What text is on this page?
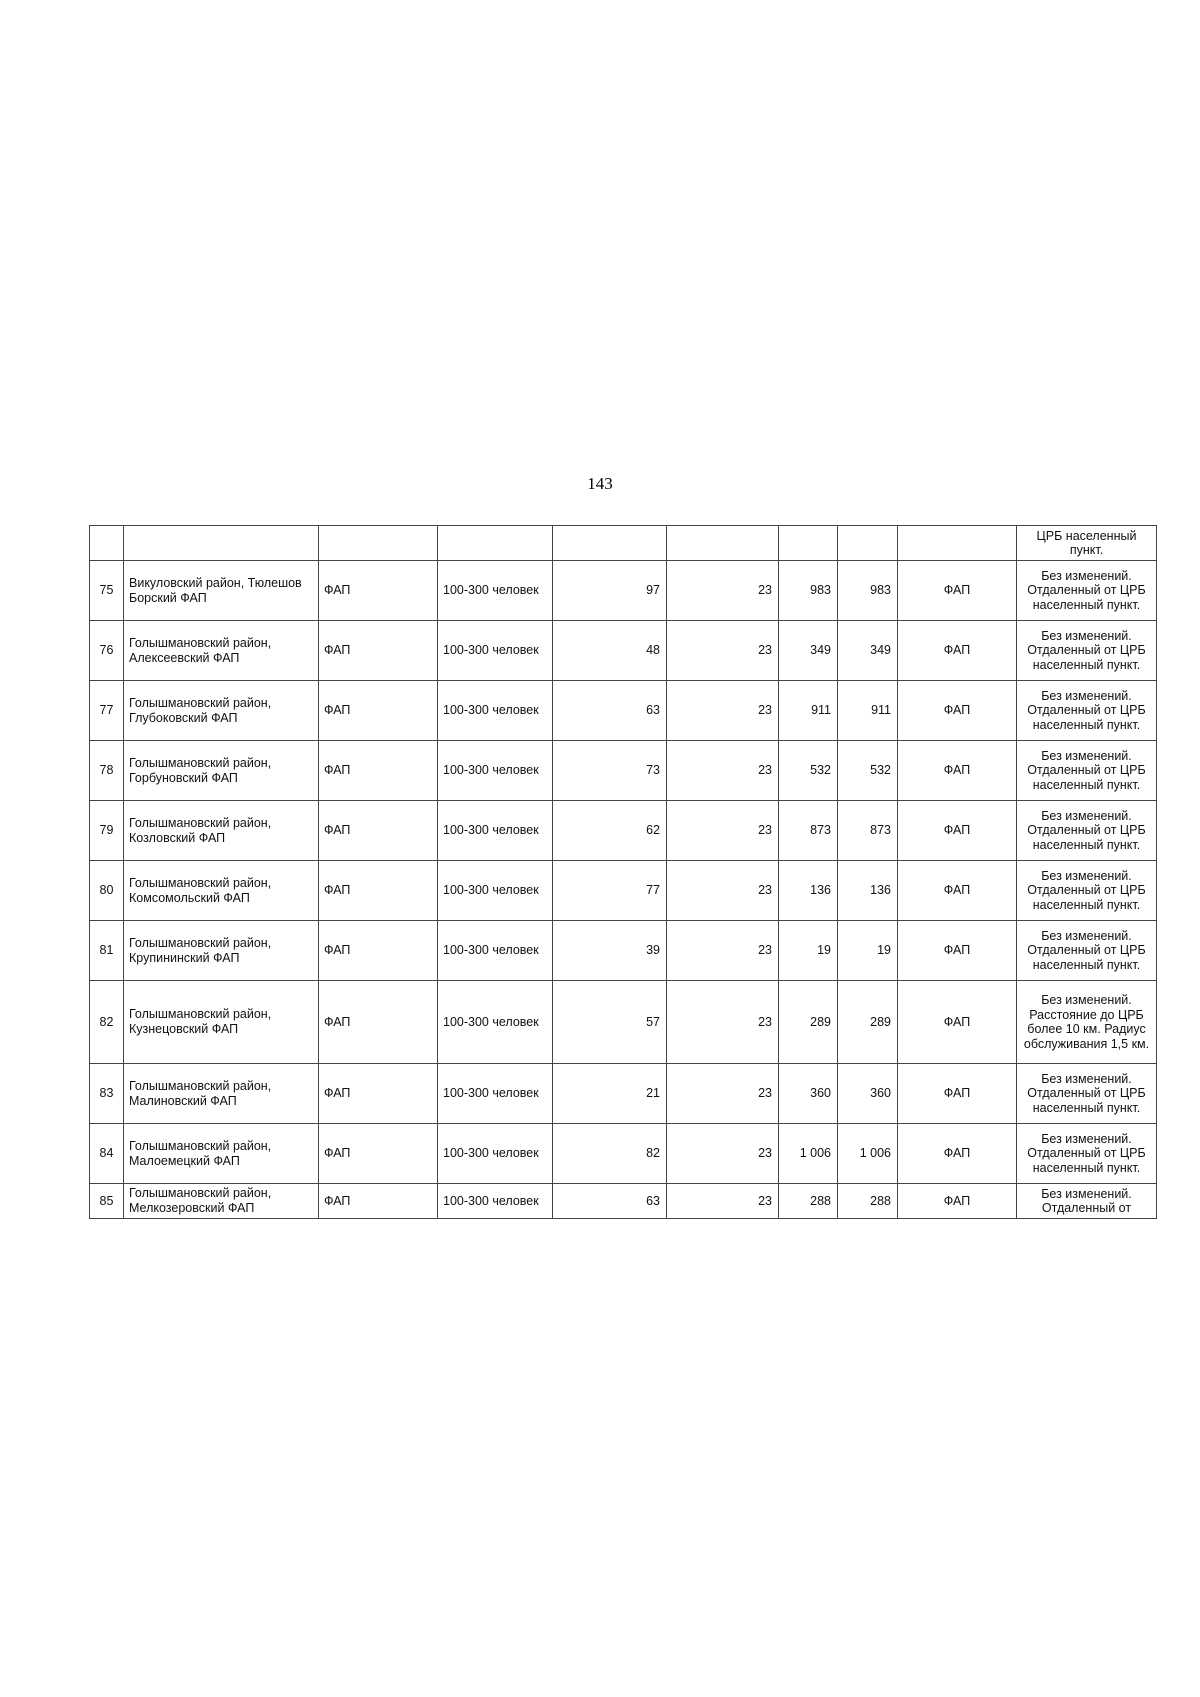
143

									ЦРБ населенный пункт.

75	Викуловский район, Тюлешов Борский ФАП	ФАП	100-300 человек	97	23	983	983	ФАП	Без изменений. Отдаленный от ЦРБ населенный пункт.

76	Голышмановский район, Алексеевский ФАП	ФАП	100-300 человек	48	23	349	349	ФАП	Без изменений. Отдаленный от ЦРБ населенный пункт.

77	Голышмановский район, Глубоковский ФАП	ФАП	100-300 человек	63	23	911	911	ФАП	Без изменений. Отдаленный от ЦРБ населенный пункт.

78	Голышмановский район, Горбуновский ФАП	ФАП	100-300 человек	73	23	532	532	ФАП	Без изменений. Отдаленный от ЦРБ населенный пункт.

79	Голышмановский район, Козловский ФАП	ФАП	100-300 человек	62	23	873	873	ФАП	Без изменений. Отдаленный от ЦРБ населенный пункт.

80	Голышмановский район, Комсомольский ФАП	ФАП	100-300 человек	77	23	136	136	ФАП	Без изменений. Отдаленный от ЦРБ населенный пункт.

81	Голышмановский район, Крупининский ФАП	ФАП	100-300 человек	39	23	19	19	ФАП	Без изменений. Отдаленный от ЦРБ населенный пункт.

82	Голышмановский район, Кузнецовский ФАП	ФАП	100-300 человек	57	23	289	289	ФАП	Без изменений. Расстояние до ЦРБ более 10 км. Радиус обслуживания 1,5 км.

83	Голышмановский район, Малиновский ФАП	ФАП	100-300 человек	21	23	360	360	ФАП	Без изменений. Отдаленный от ЦРБ населенный пункт.

84	Голышмановский район, Малоемецкий ФАП	ФАП	100-300 человек	82	23	1 006	1 006	ФАП	Без изменений. Отдаленный от ЦРБ населенный пункт.

85	Голышмановский район, Мелкозеровский ФАП	ФАП	100-300 человек	63	23	288	288	ФАП	Без изменений. Отдаленный от
